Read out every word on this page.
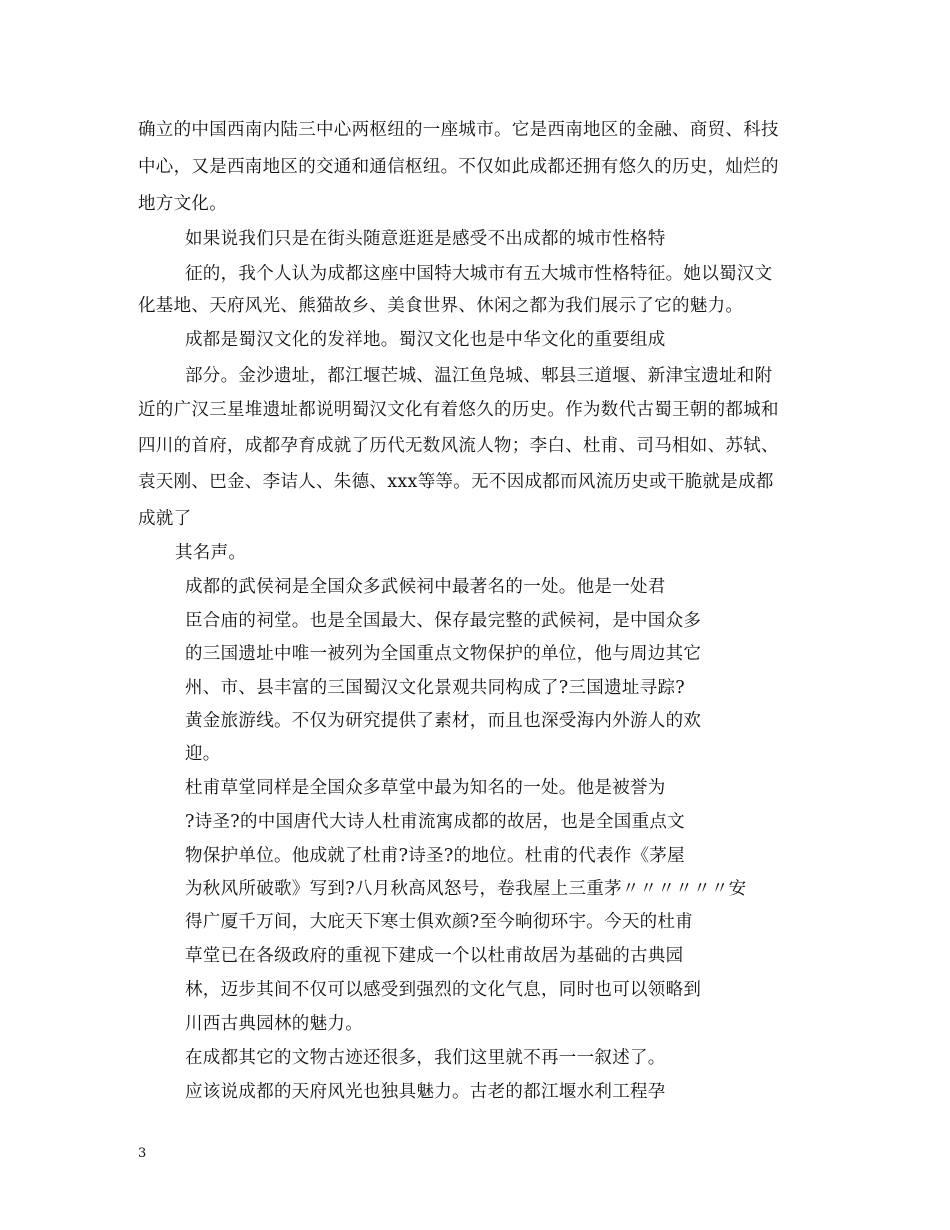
确立的中国西南内陆三中心两枢纽的一座城市。它是西南地区的金融、商贸、科技
中心，又是西南地区的交通和通信枢纽。不仅如此成都还拥有悠久的历史，灿烂的
地方文化。
如果说我们只是在街头随意逛逛是感受不出成都的城市性格特
征的，我个人认为成都这座中国特大城市有五大城市性格特征。她以蜀汉文
化基地、天府风光、熊猫故乡、美食世界、休闲之都为我们展示了它的魅力。
成都是蜀汉文化的发祥地。蜀汉文化也是中华文化的重要组成
部分。金沙遗址，都江堰芒城、温江鱼凫城、郫县三道堰、新津宝遗址和附
近的广汉三星堆遗址都说明蜀汉文化有着悠久的历史。作为数代古蜀王朝的都城和
四川的首府，成都孕育成就了历代无数风流人物；李白、杜甫、司马相如、苏轼、
袁天刚、巴金、李诘人、朱德、xxx等等。无不因成都而风流历史或干脆就是成都
成就了
其名声。
成都的武侯祠是全国众多武候祠中最著名的一处。他是一处君
臣合庙的祠堂。也是全国最大、保存最完整的武候祠，是中国众多
的三国遗址中唯一被列为全国重点文物保护的单位，他与周边其它
州、市、县丰富的三国蜀汉文化景观共同构成了?三国遗址寻踪?
黄金旅游线。不仅为研究提供了素材，而且也深受海内外游人的欢
迎。
杜甫草堂同样是全国众多草堂中最为知名的一处。他是被誉为
?诗圣?的中国唐代大诗人杜甫流寓成都的故居，也是全国重点文
物保护单位。他成就了杜甫?诗圣?的地位。杜甫的代表作《茅屋
为秋风所破歌》写到?八月秋高风怒号，卷我屋上三重茅〃〃〃〃〃〃安
得广厦千万间，大庇天下寒士俱欢颜?至今晌彻环宇。今天的杜甫
草堂已在各级政府的重视下建成一个以杜甫故居为基础的古典园
林，迈步其间不仅可以感受到强烈的文化气息，同时也可以领略到
川西古典园林的魅力。
在成都其它的文物古迹还很多，我们这里就不再一一叙述了。
应该说成都的天府风光也独具魅力。古老的都江堰水利工程孕
3
